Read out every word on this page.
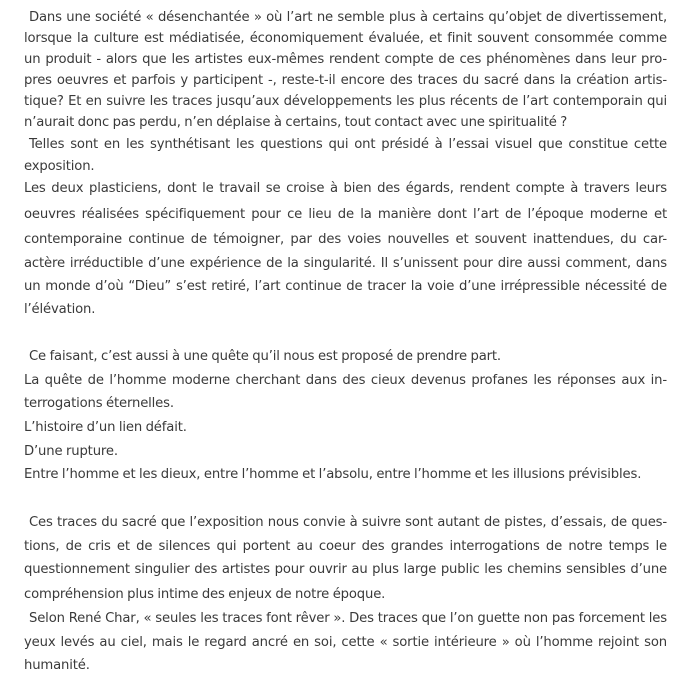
Dans une société « désenchantée » où l’art ne semble plus à certains qu’objet de divertissement,
lorsque la culture est médiatisée, économiquement évaluée, et finit souvent consommée comme
un produit - alors que les artistes eux-mêmes rendent compte de ces phénomènes dans leur pro-
pres oeuvres et parfois y participent -, reste-t-il encore des traces du sacré dans la création artis-
tique? Et en suivre les traces jusqu’aux développements les plus récents de l’art contemporain qui
n’aurait donc pas perdu, n’en déplaise à certains, tout contact avec une spiritualité ?
Telles sont en les synthétisant les questions qui ont présidé à l’essai visuel que constitue cette
exposition.
Les deux plasticiens, dont le travail se croise à bien des égards, rendent compte à travers leurs
oeuvres réalisées spécifiquement pour ce lieu de la manière dont l’art de l’époque moderne et
contemporaine continue de témoigner, par des voies nouvelles et souvent inattendues, du car-
actère irréductible d’une expérience de la singularité. Il s’unissent pour dire aussi comment, dans
un monde d’où “Dieu” s’est retiré, l’art continue de tracer la voie d’une irrépressible nécessité de
l’élévation.
Ce faisant, c’est aussi à une quête qu’il nous est proposé de prendre part.
La quête de l’homme moderne cherchant dans des cieux devenus profanes les réponses aux in-
terrogations éternelles.
L’histoire d’un lien défait.
D’une rupture.
Entre l’homme et les dieux, entre l’homme et l’absolu, entre l’homme et les illusions prévisibles.
Ces traces du sacré que l’exposition nous convie à suivre sont autant de pistes, d’essais, de ques-
tions, de cris et de silences qui portent au coeur des grandes interrogations de notre temps le
questionnement singulier des artistes pour ouvrir au plus large public les chemins sensibles d’une
compréhension plus intime des enjeux de notre époque.
Selon René Char, « seules les traces font rêver ». Des traces que l’on guette non pas forcement les
yeux levés au ciel, mais le regard ancré en soi, cette « sortie intérieure » où l’homme rejoint son
humanité.
